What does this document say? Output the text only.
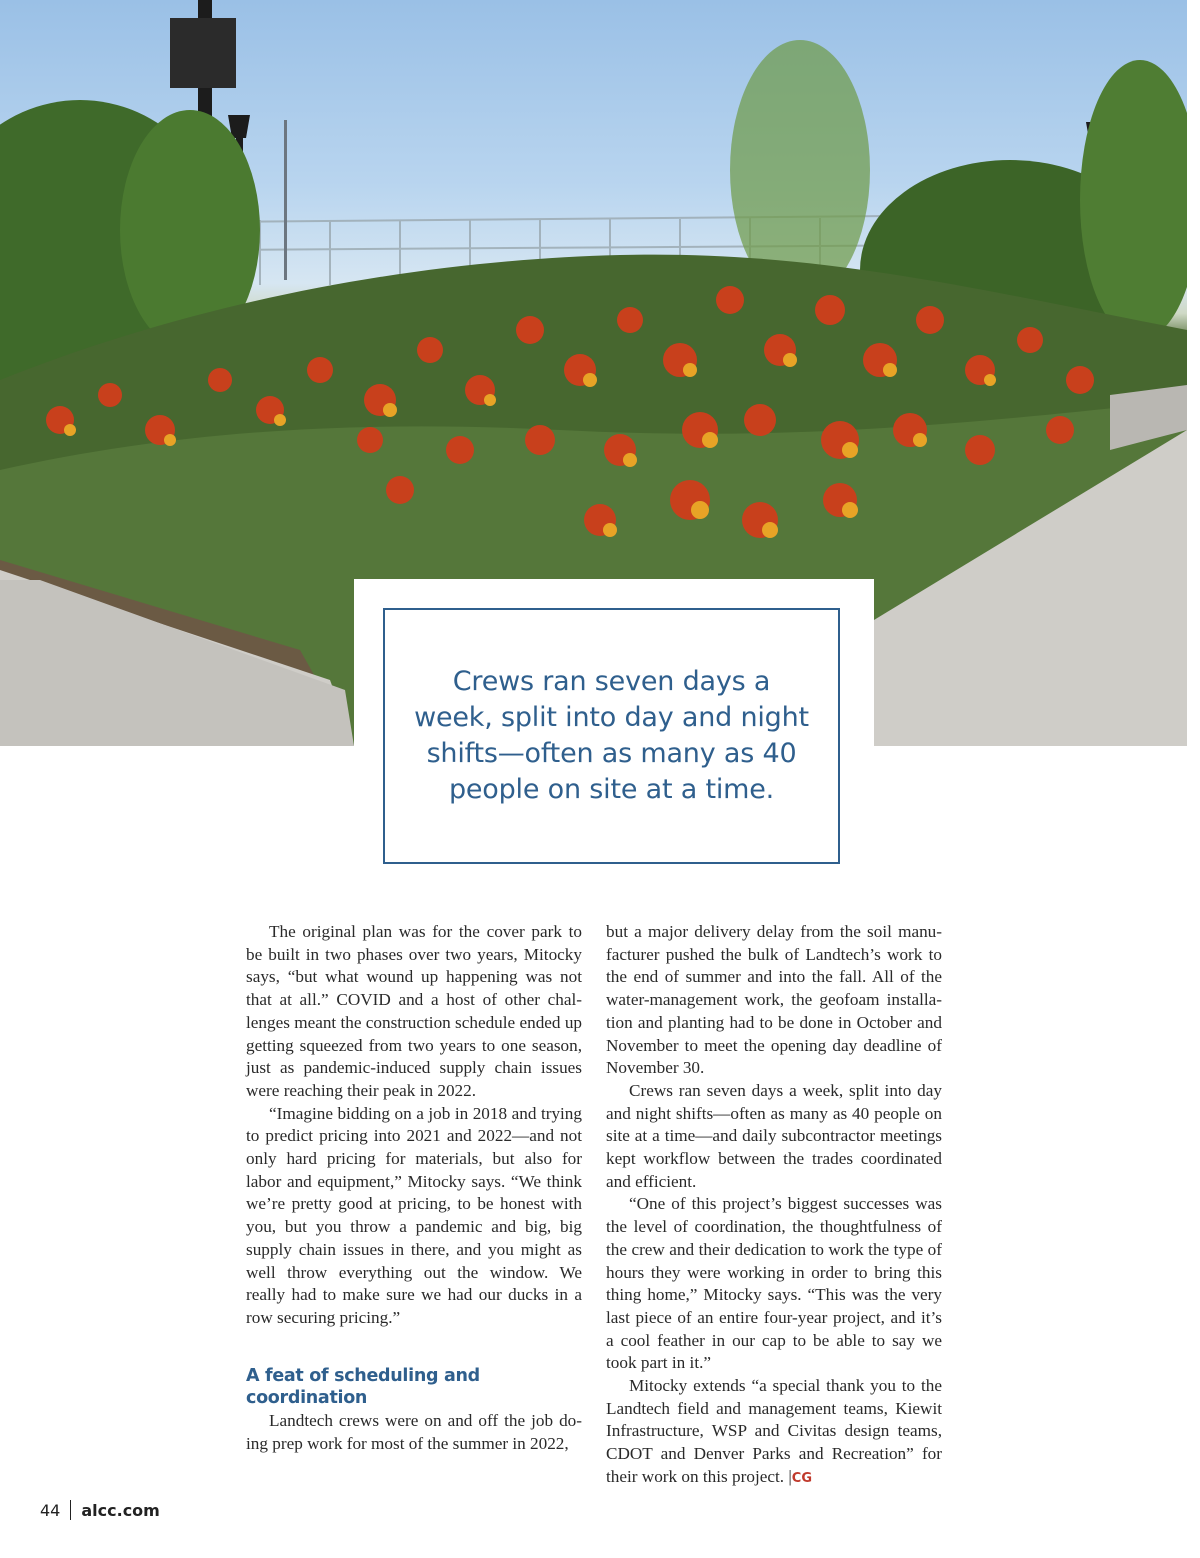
Crews ran seven days a week, split into day and night shifts—often as many as 40 people on site at a time.

The original plan was for the cover park to be built in two phases over two years, Mitocky says, “but what wound up happening was not that at all.” COVID and a host of other challenges meant the construction schedule ended up getting squeezed from two years to one season, just as pandemic-induced supply chain issues were reaching their peak in 2022.

“Imagine bidding on a job in 2018 and trying to predict pricing into 2021 and 2022—and not only hard pricing for materials, but also for labor and equipment,” Mitocky says. “We think we’re pretty good at pricing, to be honest with you, but you throw a pandemic and big, big supply chain issues in there, and you might as well throw everything out the window. We really had to make sure we had our ducks in a row securing pricing.”

A feat of scheduling and coordination

Landtech crews were on and off the job doing prep work for most of the summer in 2022,

but a major delivery delay from the soil manufacturer pushed the bulk of Landtech’s work to the end of summer and into the fall. All of the water-management work, the geofoam installation and planting had to be done in October and November to meet the opening day deadline of November 30.

Crews ran seven days a week, split into day and night shifts—often as many as 40 people on site at a time—and daily subcontractor meetings kept workflow between the trades coordinated and efficient.

“One of this project’s biggest successes was the level of coordination, the thoughtfulness of the crew and their dedication to work the type of hours they were working in order to bring this thing home,” Mitocky says. “This was the very last piece of an entire four-year project, and it’s a cool feather in our cap to be able to say we took part in it.”

Mitocky extends “a special thank you to the Landtech field and management teams, Kiewit Infrastructure, WSP and Civitas design teams, CDOT and Denver Parks and Recreation” for their work on this project. |CG

44 alcc.com
